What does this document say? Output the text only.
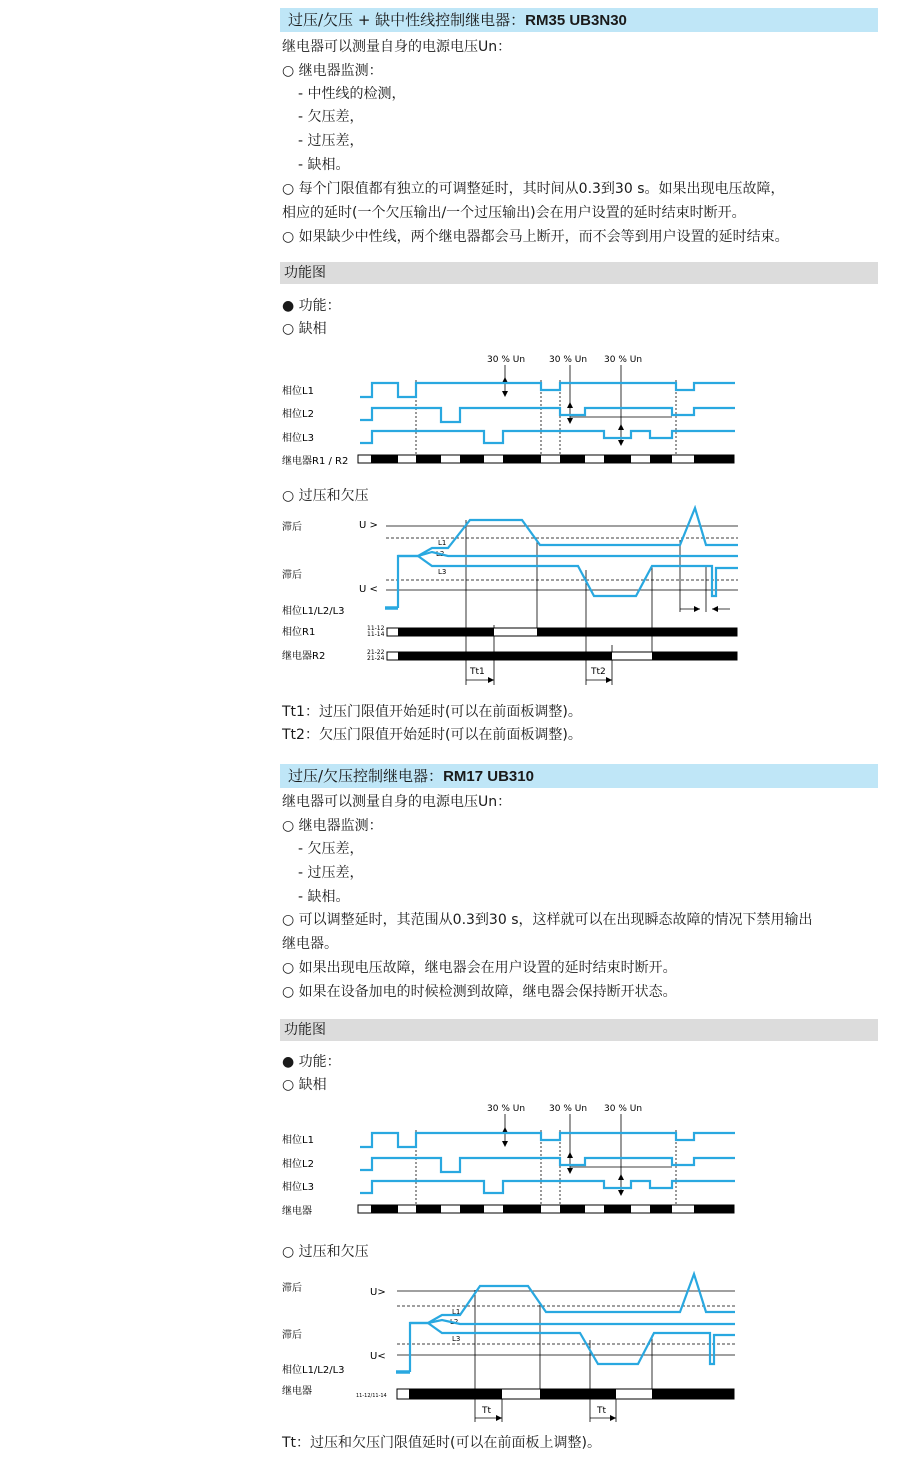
过压/欠压 + 缺中性线控制继电器：RM35 UB3N30
继电器可以测量自身的电源电压Un：
○ 继电器监测：
- 中性线的检测，
- 欠压差，
- 过压差，
- 缺相。
○ 每个门限值都有独立的可调整延时，其时间从0.3到30 s。如果出现电压故障，
相应的延时(一个欠压输出/一个过压输出)会在用户设置的延时结束时断开。
○ 如果缺少中性线，两个继电器都会马上断开，而不会等到用户设置的延时结束。
功能图
● 功能：
○ 缺相
30 % Un	30 % Un 30 % Un
相位L1
相位L2
相位L3
继电器R1 / R2
○ 过压和欠压
滞后
滞后
相位L1/L2/L3
相位R1
继电器R2
U >
U <
11-12
11-14
21-22
21-24
L1
L2
L3
Tt1	Tt2
Tt1：过压门限值开始延时(可以在前面板调整)。
Tt2：欠压门限值开始延时(可以在前面板调整)。
过压/欠压控制继电器：RM17 UB310
继电器可以测量自身的电源电压Un：
○ 继电器监测：
- 欠压差，
- 过压差，
- 缺相。
○ 可以调整延时，其范围从0.3到30 s，这样就可以在出现瞬态故障的情况下禁用输出
继电器。
○ 如果出现电压故障，继电器会在用户设置的延时结束时断开。
○ 如果在设备加电的时候检测到故障，继电器会保持断开状态。
功能图
● 功能：
○ 缺相
30 % Un	30 % Un 30 % Un
相位L1
相位L2
相位L3
继电器
○ 过压和欠压
滞后
滞后
相位L1/L2/L3
继电器
U>
U<
11-12/11-14
L1
L2
L3
Tt	Tt
Tt：过压和欠压门限值延时(可以在前面板上调整)。
